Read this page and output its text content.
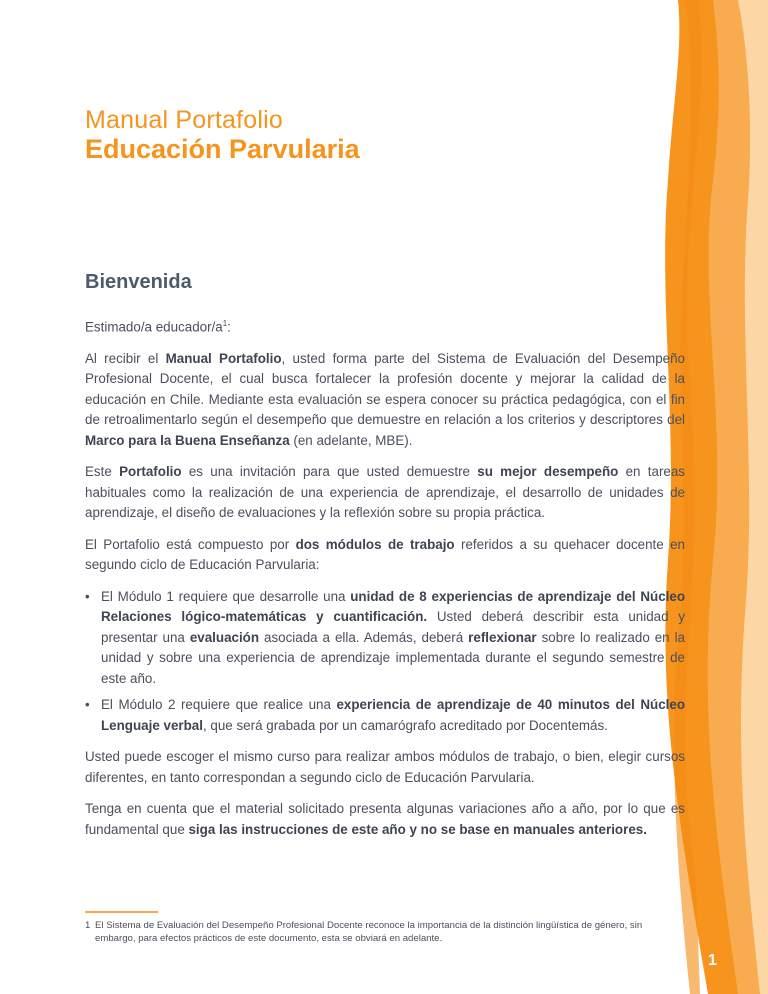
Manual Portafolio
Educación Parvularia
Bienvenida

Estimado/a educador/$a^1$:

Al recibir el Manual Portafolio, usted forma parte del Sistema de Evaluación del Desempeño Profesional Docente, el cual busca fortalecer la profesión docente y mejorar la calidad de la educación en Chile. Mediante esta evaluación se espera conocer su práctica pedagógica, con el fin de retroalimentarlo según el desempeño que demuestre en relación a los criterios y descriptores del Marco para la Buena Enseñanza (en adelante, MBE).

Este Portafolio es una invitación para que usted demuestre su mejor desempeño en tareas habituales como la realización de una experiencia de aprendizaje, el desarrollo de unidades de aprendizaje, el diseño de evaluaciones y la reflexión sobre su propia práctica.

El Portafolio está compuesto por dos módulos de trabajo referidos a su quehacer docente en segundo ciclo de Educación Parvularia:

• El Módulo 1 requiere que desarrolle una unidad de 8 experiencias de aprendizaje del Núcleo Relaciones lógico-matemáticas y cuantificación. Usted deberá describir esta unidad y presentar una evaluación asociada a ella. Además, deberá reflexionar sobre lo realizado en la unidad y sobre una experiencia de aprendizaje implementada durante el segundo semestre de este año.
• El Módulo 2 requiere que realice una experiencia de aprendizaje de 40 minutos del Núcleo Lenguaje verbal, que será grabada por un camarógrafo acreditado por Docentemás.

Usted puede escoger el mismo curso para realizar ambos módulos de trabajo, o bien, elegir cursos diferentes, en tanto correspondan a segundo ciclo de Educación Parvularia.

Tenga en cuenta que el material solicitado presenta algunas variaciones año a año, por lo que es fundamental que siga las instrucciones de este año y no se base en manuales anteriores.

1 El Sistema de Evaluación del Desempeño Profesional Docente reconoce la importancia de la distinción lingüística de género, sin embargo, para efectos prácticos de este documento, esta se obviará en adelante.
1
